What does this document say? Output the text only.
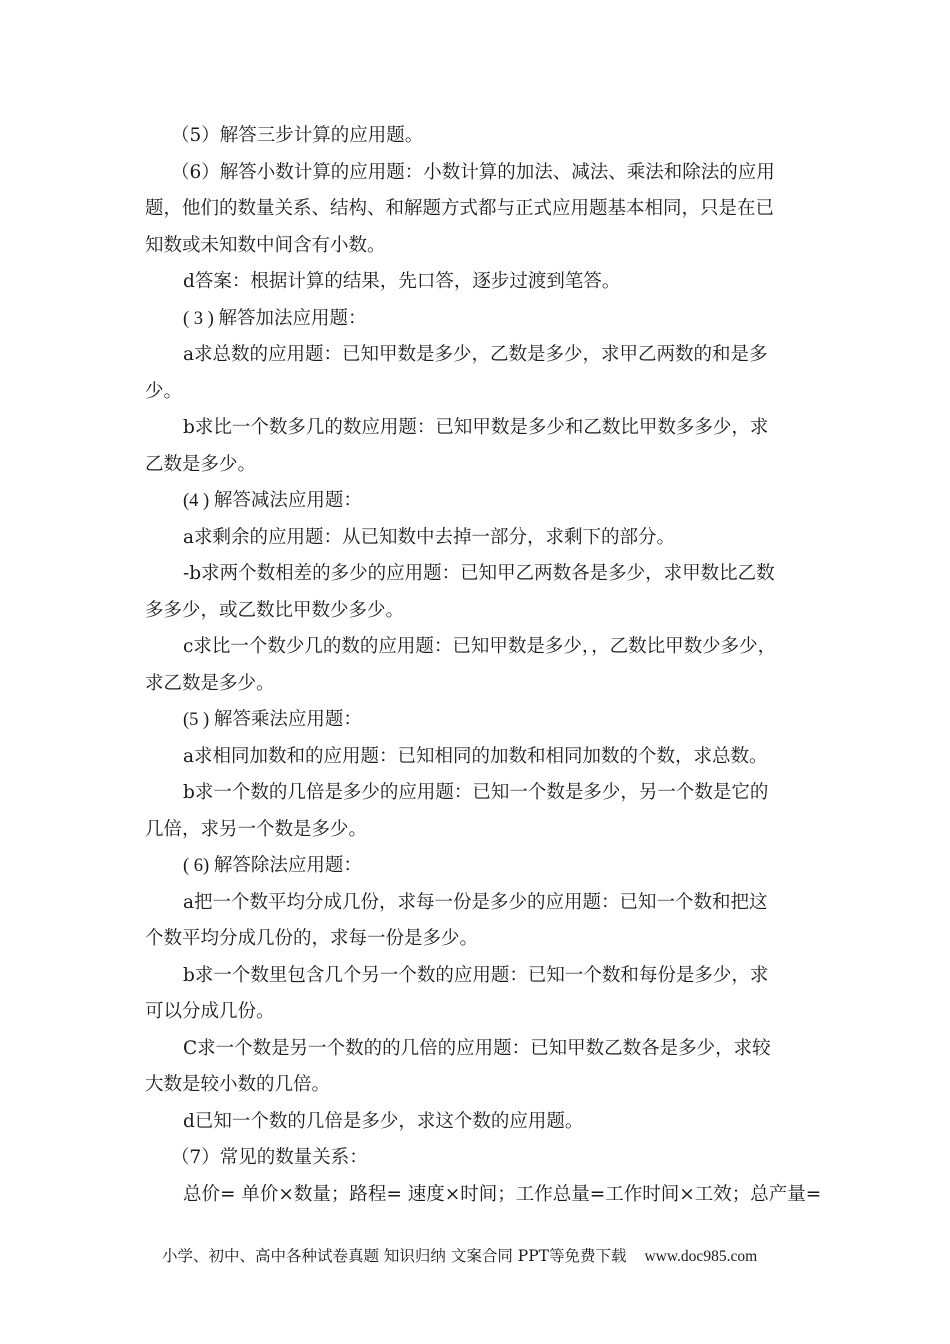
（5）解答三步计算的应用题。

（6）解答小数计算的应用题：小数计算的加法、减法、乘法和除法的应用

题，他们的数量关系、结构、和解题方式都与正式应用题基本相同，只是在已

知数或未知数中间含有小数。

d答案：根据计算的结果，先口答，逐步过渡到笔答。

( 3 ) 解答加法应用题：

a求总数的应用题：已知甲数是多少，乙数是多少，求甲乙两数的和是多

少。

b求比一个数多几的数应用题：已知甲数是多少和乙数比甲数多多少，求

乙数是多少。

(4 ) 解答减法应用题：

a求剩余的应用题：从已知数中去掉一部分，求剩下的部分。

-b求两个数相差的多少的应用题：已知甲乙两数各是多少，求甲数比乙数

多多少，或乙数比甲数少多少。

c求比一个数少几的数的应用题：已知甲数是多少，，乙数比甲数少多少，

求乙数是多少。

(5 ) 解答乘法应用题：

a求相同加数和的应用题：已知相同的加数和相同加数的个数，求总数。

b求一个数的几倍是多少的应用题：已知一个数是多少，另一个数是它的

几倍，求另一个数是多少。

( 6) 解答除法应用题：

a把一个数平均分成几份，求每一份是多少的应用题：已知一个数和把这

个数平均分成几份的，求每一份是多少。

b求一个数里包含几个另一个数的应用题：已知一个数和每份是多少，求

可以分成几份。

C求一个数是另一个数的的几倍的应用题：已知甲数乙数各是多少，求较

大数是较小数的几倍。

d已知一个数的几倍是多少，求这个数的应用题。

（7）常见的数量关系：

总价= 单价×数量；路程= 速度×时间；工作总量=工作时间×工效；总产量=

小学、初中、高中各种试卷真题 知识归纳 文案合同 PPT等免费下载 www.doc985.com
